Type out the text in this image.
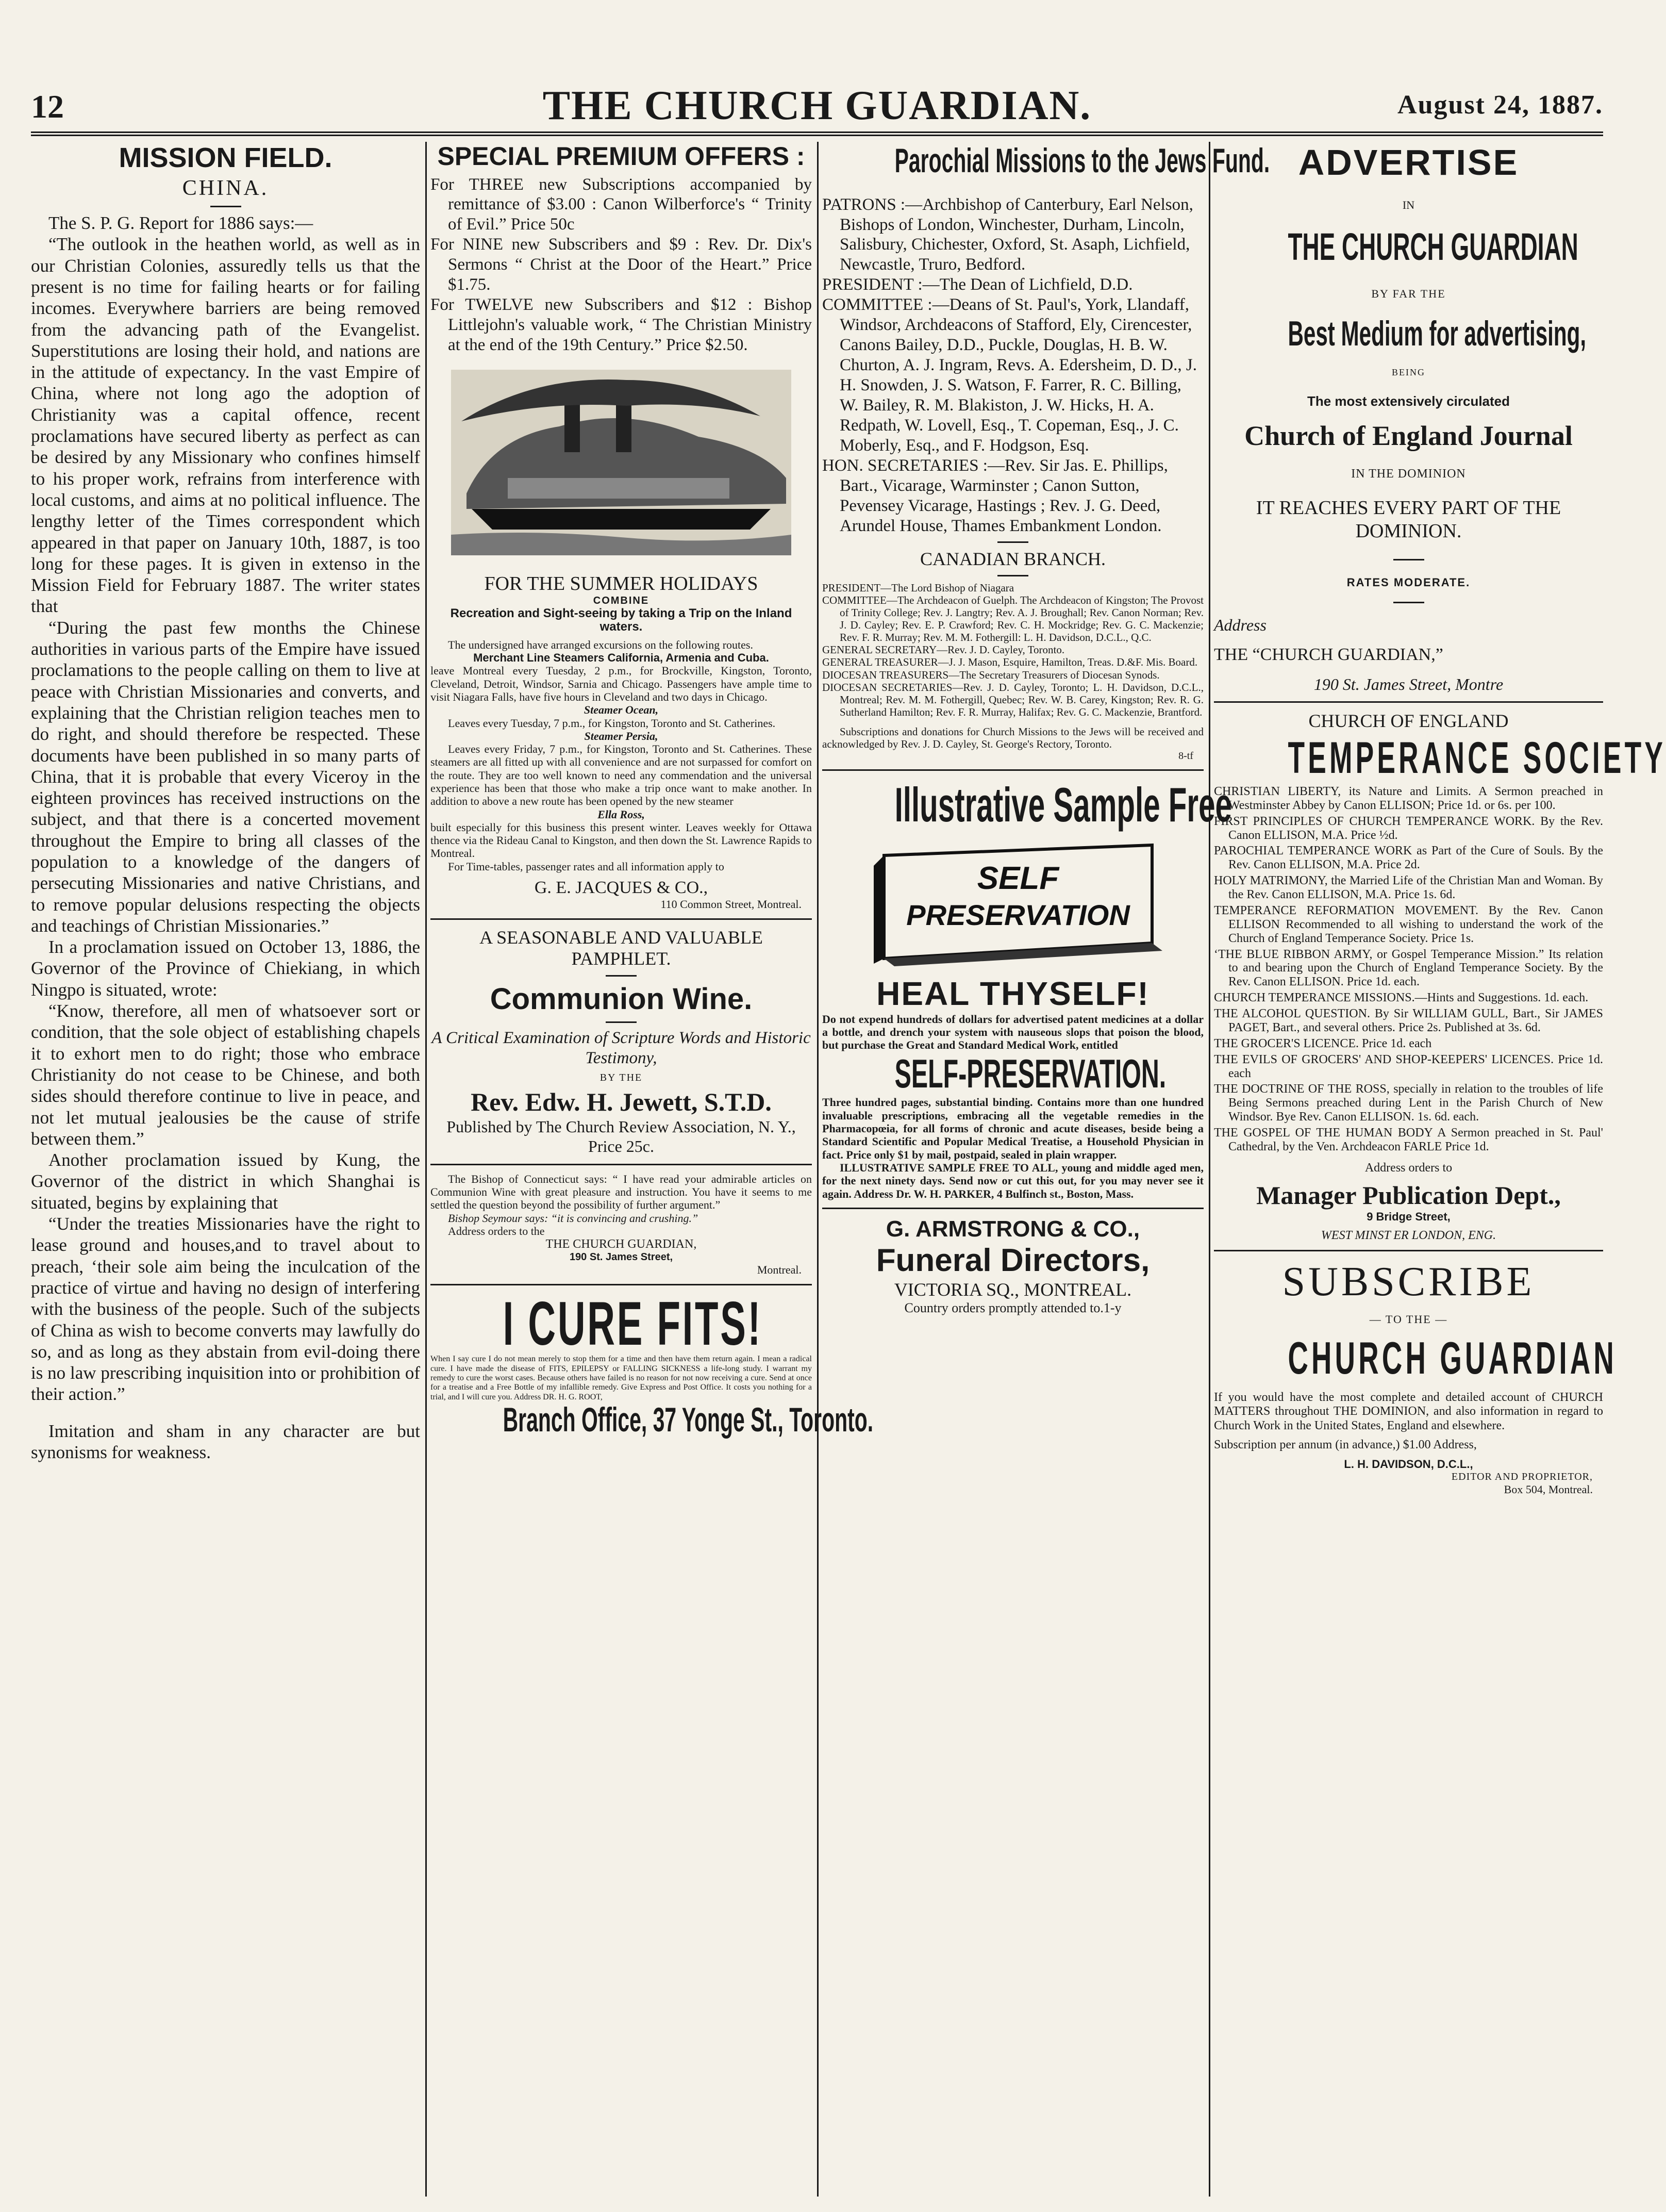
12	THE CHURCH GUARDIAN.	August 24, 1887.
MISSION FIELD.
CHINA.

The S. P. G. Report for 1886 says:—

“The outlook in the heathen world, as well as in our Christian Colonies, assuredly tells us that the present is no time for failing hearts or for failing incomes. Everywhere barriers are being removed from the advancing path of the Evangelist. Superstitutions are losing their hold, and nations are in the attitude of expectancy. In the vast Empire of China, where not long ago the adoption of Christianity was a capital offence, recent proclamations have secured liberty as perfect as can be desired by any Missionary who confines himself to his proper work, refrains from interference with local customs, and aims at no political influence. The lengthy letter of the Times correspondent which appeared in that paper on January 10th, 1887, is too long for these pages. It is given in extenso in the Mission Field for February 1887. The writer states that

“During the past few months the Chinese authorities in various parts of the Empire have issued proclamations to the people calling on them to live at peace with Christian Missionaries and converts, and explaining that the Christian religion teaches men to do right, and should therefore be respected. These documents have been published in so many parts of China, that it is probable that every Viceroy in the eighteen provinces has received instructions on the subject, and that there is a concerted movement throughout the Empire to bring all classes of the population to a knowledge of the dangers of persecuting Missionaries and native Christians, and to remove popular delusions respecting the objects and teachings of Christian Missionaries.”

In a proclamation issued on October 13, 1886, the Governor of the Province of Chiekiang, in which Ningpo is situated, wrote:

“Know, therefore, all men of whatsoever sort or condition, that the sole object of establishing chapels it to exhort men to do right; those who embrace Christianity do not cease to be Chinese, and both sides should therefore continue to live in peace, and not let mutual jealousies be the cause of strife between them.”

Another proclamation issued by Kung, the Governor of the district in which Shanghai is situated, begins by explaining that

“Under the treaties Missionaries have the right to lease ground and houses,and to travel about to preach, ‘their sole aim being the inculcation of the practice of virtue and having no design of interfering with the business of the people. Such of the subjects of China as wish to become converts may lawfully do so, and as long as they abstain from evil-doing there is no law prescribing inquisition into or prohibition of their action.”

Imitation and sham in any character are but synonisms for weakness.

SPECIAL PREMIUM OFFERS :

For THREE new Subscriptions accompanied by remittance of $3.00 : Canon Wilberforce's “ Trinity of Evil.” Price 50c

For NINE new Subscribers and $9 : Rev. Dr. Dix's Sermons “ Christ at the Door of the Heart.” Price $1.75.

For TWELVE new Subscribers and $12 : Bishop Littlejohn's valuable work, “ The Christian Ministry at the end of the 19th Century.” Price $2.50.

FOR THE SUMMER HOLIDAYS
COMBINE
Recreation and Sight-seeing by taking a Trip on the Inland waters.

The undersigned have arranged excursions on the following routes.

Merchant Line Steamers California, Armenia and Cuba.

leave Montreal every Tuesday, 2 p.m., for Brockville, Kingston, Toronto, Cleveland, Detroit, Windsor, Sarnia and Chicago. Passengers have ample time to visit Niagara Falls, have five hours in Cleveland and two days in Chicago.

Steamer Ocean,

Leaves every Tuesday, 7 p.m., for Kingston, Toronto and St. Catherines.

Steamer Persia,

Leaves every Friday, 7 p.m., for Kingston, Toronto and St. Catherines. These steamers are all fitted up with all convenience and are not surpassed for comfort on the route. They are too well known to need any commendation and the universal experience has been that those who make a trip once want to make another. In addition to above a new route has been opened by the new steamer

Ella Ross,

built especially for this business this present winter. Leaves weekly for Ottawa thence via the Rideau Canal to Kingston, and then down the St. Lawrence Rapids to Montreal.

For Time-tables, passenger rates and all information apply to

G. E. JACQUES & CO.,
110 Common Street, Montreal.
A SEASONABLE AND VALUABLE PAMPHLET.
Communion Wine.
A Critical Examination of Scripture Words and Historic Testimony,
BY THE
Rev. Edw. H. Jewett, S.T.D.
Published by The Church Review Association, N. Y., Price 25c.

The Bishop of Connecticut says: “ I have read your admirable articles on Communion Wine with great pleasure and instruction. You have it seems to me settled the question beyond the possibility of further argument.”

Bishop Seymour says: “it is convincing and crushing.”

Address orders to the

THE CHURCH GUARDIAN,
190 St. James Street,
Montreal.
I CURE FITS!
When I say cure I do not mean merely to stop them for a time and then have them return again. I mean a radical cure. I have made the disease of FITS, EPILEPSY or FALLING SICKNESS a life-long study. I warrant my remedy to cure the worst cases. Because others have failed is no reason for not now receiving a cure. Send at once for a treatise and a Free Bottle of my infallible remedy. Give Express and Post Office. It costs you nothing for a trial, and I will cure you. Address DR. H. G. ROOT,
Branch Office, 37 Yonge St., Toronto.
Parochial Missions to the Jews Fund.

PATRONS :—Archbishop of Canterbury, Earl Nelson, Bishops of London, Winchester, Durham, Lincoln, Salisbury, Chichester, Oxford, St. Asaph, Lichfield, Newcastle, Truro, Bedford.

PRESIDENT :—The Dean of Lichfield, D.D.

COMMITTEE :—Deans of St. Paul's, York, Llandaff, Windsor, Archdeacons of Stafford, Ely, Cirencester, Canons Bailey, D.D., Puckle, Douglas, H. B. W. Churton, A. J. Ingram, Revs. A. Edersheim, D. D., J. H. Snowden, J. S. Watson, F. Farrer, R. C. Billing, W. Bailey, R. M. Blakiston, J. W. Hicks, H. A. Redpath, W. Lovell, Esq., T. Copeman, Esq., J. C. Moberly, Esq., and F. Hodgson, Esq.

HON. SECRETARIES :—Rev. Sir Jas. E. Phillips, Bart., Vicarage, Warminster ; Canon Sutton, Pevensey Vicarage, Hastings ; Rev. J. G. Deed, Arundel House, Thames Embankment London.

CANADIAN BRANCH.

PRESIDENT—The Lord Bishop of Niagara

COMMITTEE—The Archdeacon of Guelph. The Archdeacon of Kingston; The Provost of Trinity College; Rev. J. Langtry; Rev. A. J. Broughall; Rev. Canon Norman; Rev. J. D. Cayley; Rev. E. P. Crawford; Rev. C. H. Mockridge; Rev. G. C. Mackenzie; Rev. F. R. Murray; Rev. M. M. Fothergill: L. H. Davidson, D.C.L., Q.C.

GENERAL SECRETARY—Rev. J. D. Cayley, Toronto.

GENERAL TREASURER—J. J. Mason, Esquire, Hamilton, Treas. D.&F. Mis. Board.

DIOCESAN TREASURERS—The Secretary Treasurers of Diocesan Synods.

DIOCESAN SECRETARIES—Rev. J. D. Cayley, Toronto; L. H. Davidson, D.C.L., Montreal; Rev. M. M. Fothergill, Quebec; Rev. W. B. Carey, Kingston; Rev. R. G. Sutherland Hamilton; Rev. F. R. Murray, Halifax; Rev. G. C. Mackenzie, Brantford.

Subscriptions and donations for Church Missions to the Jews will be received and acknowledged by Rev. J. D. Cayley, St. George's Rectory, Toronto.

8-tf
Illustrative Sample Free
SELF
PRESERVATION
HEAL THYSELF!
Do not expend hundreds of dollars for advertised patent medicines at a dollar a bottle, and drench your system with nauseous slops that poison the blood, but purchase the Great and Standard Medical Work, entitled
SELF-PRESERVATION.
Three hundred pages, substantial binding. Contains more than one hundred invaluable prescriptions, embracing all the vegetable remedies in the Pharmacopœia, for all forms of chronic and acute diseases, beside being a Standard Scientific and Popular Medical Treatise, a Household Physician in fact. Price only $1 by mail, postpaid, sealed in plain wrapper.
ILLUSTRATIVE SAMPLE FREE TO ALL, young and middle aged men, for the next ninety days. Send now or cut this out, for you may never see it again. Address Dr. W. H. PARKER, 4 Bulfinch st., Boston, Mass.
G. ARMSTRONG & CO.,
Funeral Directors,
VICTORIA SQ., MONTREAL.
Country orders promptly attended to.1-y
ADVERTISE
IN
THE CHURCH GUARDIAN
BY FAR THE
Best Medium for advertising,
BEING
The most extensively circulated
Church of England Journal
IN THE DOMINION
IT REACHES EVERY PART OF THE DOMINION.
RATES MODERATE.
Address
THE “CHURCH GUARDIAN,”
190 St. James Street, Montre
CHURCH OF ENGLAND
TEMPERANCE SOCIETY

CHRISTIAN LIBERTY, its Nature and Limits. A Sermon preached in Westminster Abbey by Canon ELLISON; Price 1d. or 6s. per 100.

FIRST PRINCIPLES OF CHURCH TEMPERANCE WORK. By the Rev. Canon ELLISON, M.A. Price ½d.

PAROCHIAL TEMPERANCE WORK as Part of the Cure of Souls. By the Rev. Canon ELLISON, M.A. Price 2d.

HOLY MATRIMONY, the Married Life of the Christian Man and Woman. By the Rev. Canon ELLISON, M.A. Price 1s. 6d.

TEMPERANCE REFORMATION MOVEMENT. By the Rev. Canon ELLISON Recommended to all wishing to understand the work of the Church of England Temperance Society. Price 1s.

‘THE BLUE RIBBON ARMY, or Gospel Temperance Mission.” Its relation to and bearing upon the Church of England Temperance Society. By the Rev. Canon ELLISON. Price 1d. each.

CHURCH TEMPERANCE MISSIONS.—Hints and Suggestions. 1d. each.

THE ALCOHOL QUESTION. By Sir WILLIAM GULL, Bart., Sir JAMES PAGET, Bart., and several others. Price 2s. Published at 3s. 6d.

THE GROCER'S LICENCE. Price 1d. each

THE EVILS OF GROCERS' AND SHOP-KEEPERS' LICENCES. Price 1d. each

THE DOCTRINE OF THE ROSS, specially in relation to the troubles of life Being Sermons preached during Lent in the Parish Church of New Windsor. Bye Rev. Canon ELLISON. 1s. 6d. each.

THE GOSPEL OF THE HUMAN BODY A Sermon preached in St. Paul' Cathedral, by the Ven. Archdeacon FARLE Price 1d.

Address orders to
Manager Publication Dept.,
9 Bridge Street,
WEST MINST ER LONDON, ENG.
SUBSCRIBE
— TO THE —
CHURCH GUARDIAN
If you would have the most complete and detailed account of CHURCH MATTERS throughout THE DOMINION, and also information in regard to Church Work in the United States, England and elsewhere.
Subscription per annum (in advance,) $1.00 Address,
L. H. DAVIDSON, D.C.L.,
EDITOR AND PROPRIETOR,
Box 504, Montreal.
